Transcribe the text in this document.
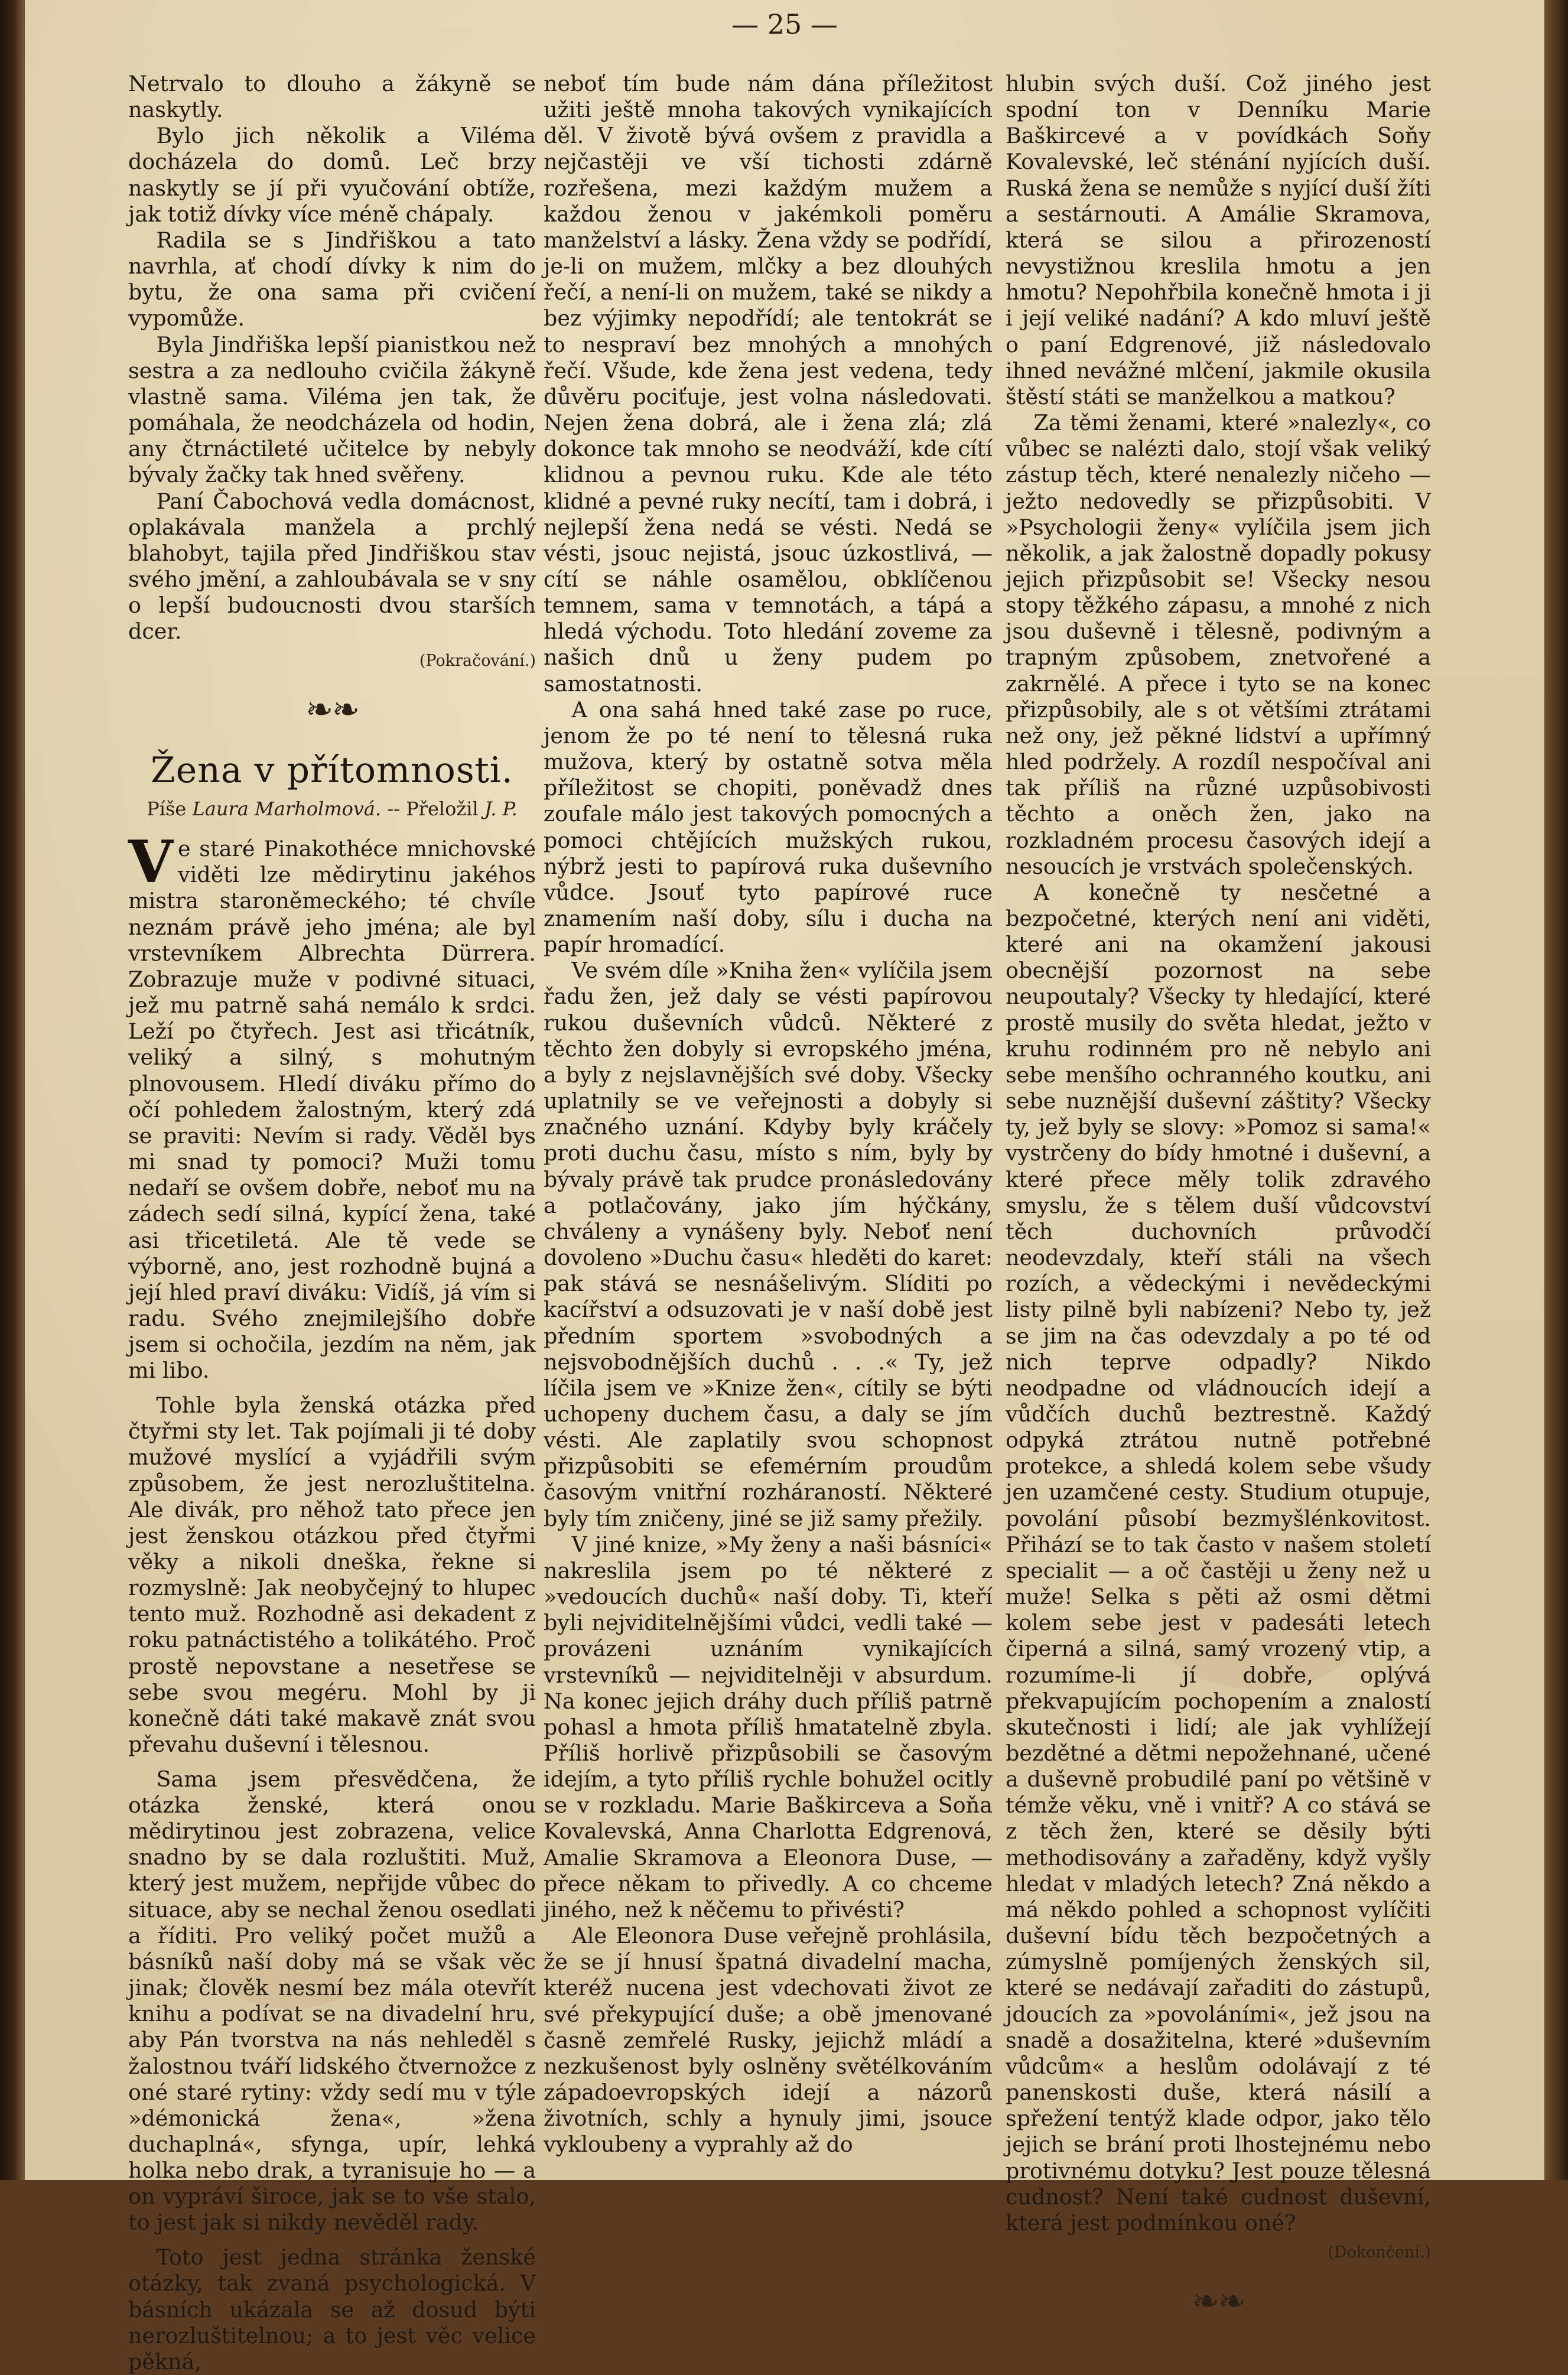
— 25 —

Netrvalo to dlouho a žákyně se naskytly.

Bylo jich několik a Viléma docházela do domů. Leč brzy naskytly se jí při vyučování obtíže, jak totiž dívky více méně chápaly.

Radila se s Jindřiškou a tato navrhla, ať chodí dívky k nim do bytu, že ona sama při cvičení vypomůže.

Byla Jindřiška lepší pianistkou než sestra a za nedlouho cvičila žákyně vlastně sama. Viléma jen tak, že pomáhala, že neodcházela od hodin, any čtrnáctileté učitelce by nebyly bývaly žačky tak hned svěřeny.

Paní Čabochová vedla domácnost, oplakávala manžela a prchlý blahobyt, tajila před Jindřiškou stav svého jmění, a zahloubávala se v sny o lepší budoucnosti dvou starších dcer.

(Pokračování.)
❧❧
Žena v přítomnosti.
Píše Laura Marholmová. -- Přeložil J. P.

Ve staré Pinakothéce mnichovské viděti lze mědirytinu jakéhos mistra staroněmeckého; té chvíle neznám právě jeho jména; ale byl vrstevníkem Albrechta Dürrera. Zobrazuje muže v podivné situaci, jež mu patrně sahá nemálo k srdci. Leží po čtyřech. Jest asi třicátník, veliký a silný, s mohutným plnovousem. Hledí diváku přímo do očí pohledem žalostným, který zdá se praviti: Nevím si rady. Věděl bys mi snad ty pomoci? Muži tomu nedaří se ovšem dobře, neboť mu na zádech sedí silná, kypící žena, také asi třicetiletá. Ale tě vede se výborně, ano, jest rozhodně bujná a její hled praví diváku: Vidíš, já vím si radu. Svého znejmilejšího dobře jsem si ochočila, jezdím na něm, jak mi libo.

Tohle byla ženská otázka před čtyřmi sty let. Tak pojímali ji té doby mužové myslící a vyjádřili svým způsobem, že jest nerozluštitelna. Ale divák, pro něhož tato přece jen jest ženskou otázkou před čtyřmi věky a nikoli dneška, řekne si rozmyslně: Jak neobyčejný to hlupec tento muž. Rozhodně asi dekadent z roku patnáctistého a tolikátého. Proč prostě nepovstane a nesetřese se sebe svou megéru. Mohl by ji konečně dáti také makavě znát svou převahu duševní i tělesnou.

Sama jsem přesvědčena, že otázka ženské, která onou mědirytinou jest zobrazena, velice snadno by se dala rozluštiti. Muž, který jest mužem, nepřijde vůbec do situace, aby se nechal ženou osedlati a říditi. Pro veliký počet mužů a básníků naší doby má se však věc jinak; člověk nesmí bez mála otevřít knihu a podívat se na divadelní hru, aby Pán tvorstva na nás nehleděl s žalostnou tváří lidského čtvernožce z oné staré rytiny: vždy sedí mu v týle »démonická žena«, »žena duchaplná«, sfynga, upír, lehká holka nebo drak, a tyranisuje ho — a on vypráví široce, jak se to vše stalo, to jest jak si nikdy nevěděl rady.

Toto jest jedna stránka ženské otázky, tak zvaná psychologická. V básních ukázala se až dosud býti nerozluštitelnou; a to jest věc velice pěkná,

neboť tím bude nám dána příležitost užiti ještě mnoha takových vynikajících děl. V životě bývá ovšem z pravidla a nejčastěji ve vší tichosti zdárně rozřešena, mezi každým mužem a každou ženou v jakémkoli poměru manželství a lásky. Žena vždy se podřídí, je-li on mužem, mlčky a bez dlouhých řečí, a není-li on mužem, také se nikdy a bez výjimky nepodřídí; ale tentokrát se to nespraví bez mnohých a mnohých řečí. Všude, kde žena jest vedena, tedy důvěru pociťuje, jest volna následovati. Nejen žena dobrá, ale i žena zlá; zlá dokonce tak mnoho se neodváží, kde cítí klidnou a pevnou ruku. Kde ale této klidné a pevné ruky necítí, tam i dobrá, i nejlepší žena nedá se vésti. Nedá se vésti, jsouc nejistá, jsouc úzkostlivá, — cítí se náhle osamělou, obklíčenou temnem, sama v temnotách, a tápá a hledá východu. Toto hledání zoveme za našich dnů u ženy pudem po samostatnosti.

A ona sahá hned také zase po ruce, jenom že po té není to tělesná ruka mužova, který by ostatně sotva měla příležitost se chopiti, poněvadž dnes zoufale málo jest takových pomocných a pomoci chtějících mužských rukou, nýbrž jesti to papírová ruka duševního vůdce. Jsouť tyto papírové ruce znamením naší doby, sílu i ducha na papír hromadící.

Ve svém díle »Kniha žen« vylíčila jsem řadu žen, jež daly se vésti papírovou rukou duševních vůdců. Některé z těchto žen dobyly si evropského jména, a byly z nejslavnějších své doby. Všecky uplatnily se ve veřejnosti a dobyly si značného uznání. Kdyby byly kráčely proti duchu času, místo s ním, byly by bývaly právě tak prudce pronásledovány a potlačovány, jako jím hýčkány, chváleny a vynášeny byly. Neboť není dovoleno »Duchu času« hleděti do karet: pak stává se nesnášelivým. Slíditi po kacířství a odsuzovati je v naší době jest předním sportem »svobodných a nejsvobodnějších duchů . . .« Ty, jež líčila jsem ve »Knize žen«, cítily se býti uchopeny duchem času, a daly se jím vésti. Ale zaplatily svou schopnost přizpůsobiti se efemérním proudům časovým vnitřní rozháraností. Některé byly tím zničeny, jiné se již samy přežily.

V jiné knize, »My ženy a naši básníci« nakreslila jsem po té některé z »vedoucích duchů« naší doby. Ti, kteří byli nejviditelnějšími vůdci, vedli také — provázeni uznáním vynikajících vrstevníků — nejviditelněji v absurdum. Na konec jejich dráhy duch příliš patrně pohasl a hmota příliš hmatatelně zbyla. Příliš horlivě přizpůsobili se časovým idejím, a tyto příliš rychle bohužel ocitly se v rozkladu. Marie Baškirceva a Soňa Kovalevská, Anna Charlotta Edgrenová, Amalie Skramova a Eleonora Duse, — přece někam to přivedly. A co chceme jiného, než k něčemu to přivésti?

Ale Eleonora Duse veřejně prohlásila, že se jí hnusí špatná divadelní macha, kteréž nucena jest vdechovati život ze své překypující duše; a obě jmenované časně zemřelé Rusky, jejichž mládí a nezkušenost byly oslněny světélkováním západoevropských idejí a názorů životních, schly a hynuly jimi, jsouce vykloubeny a vyprahly až do

hlubin svých duší. Což jiného jest spodní ton v Denníku Marie Baškircevé a v povídkách Soňy Kovalevské, leč sténání nyjících duší. Ruská žena se nemůže s nyjící duší žíti a sestárnouti. A Amálie Skramova, která se silou a přirozeností nevystižnou kreslila hmotu a jen hmotu? Nepohřbila konečně hmota i ji i její veliké nadání? A kdo mluví ještě o paní Edgrenové, již následovalo ihned nevážné mlčení, jakmile okusila štěstí státi se manželkou a matkou?

Za těmi ženami, které »nalezly«, co vůbec se nalézti dalo, stojí však veliký zástup těch, které nenalezly ničeho — ježto nedovedly se přizpůsobiti. V »Psychologii ženy« vylíčila jsem jich několik, a jak žalostně dopadly pokusy jejich přizpůsobit se! Všecky nesou stopy těžkého zápasu, a mnohé z nich jsou duševně i tělesně, podivným a trapným způsobem, znetvořené a zakrnělé. A přece i tyto se na konec přizpůsobily, ale s ot většími ztrátami než ony, jež pěkné lidství a upřímný hled podržely. A rozdíl nespočíval ani tak příliš na různé uzpůsobivosti těchto a oněch žen, jako na rozkladném procesu časových idejí a nesoucích je vrstvách společenských.

A konečně ty nesčetné a bezpočetné, kterých není ani viděti, které ani na okamžení jakousi obecnější pozornost na sebe neupoutaly? Všecky ty hledající, které prostě musily do světa hledat, ježto v kruhu rodinném pro ně nebylo ani sebe menšího ochranného koutku, ani sebe nuznější duševní záštity? Všecky ty, jež byly se slovy: »Pomoz si sama!« vystrčeny do bídy hmotné i duševní, a které přece měly tolik zdravého smyslu, že s tělem duší vůdcovství těch duchovních průvodčí neodevzdaly, kteří stáli na všech rozích, a vědeckými i nevědeckými listy pilně byli nabízeni? Nebo ty, jež se jim na čas odevzdaly a po té od nich teprve odpadly? Nikdo neodpadne od vládnoucích idejí a vůdčích duchů beztrestně. Každý odpyká ztrátou nutně potřebné protekce, a shledá kolem sebe všudy jen uzamčené cesty. Studium otupuje, povolání působí bezmyšlénkovitost. Přihází se to tak často v našem století specialit — a oč častěji u ženy než u muže! Selka s pěti až osmi dětmi kolem sebe jest v padesáti letech čiperná a silná, samý vrozený vtip, a rozumíme-li jí dobře, oplývá překvapujícím pochopením a znalostí skutečnosti i lidí; ale jak vyhlížejí bezdětné a dětmi nepožehnané, učené a duševně probudilé paní po většině v témže věku, vně i vnitř? A co stává se z těch žen, které se děsily býti methodisovány a zařaděny, když vyšly hledat v mladých letech? Zná někdo a má někdo pohled a schopnost vylíčiti duševní bídu těch bezpočetných a zúmyslně pomíjených ženských sil, které se nedávají zařaditi do zástupů, jdoucích za »povoláními«, jež jsou na snadě a dosažitelna, které »duševním vůdcům« a heslům odolávají z té panenskosti duše, která násilí a spřežení tentýž klade odpor, jako tělo jejich se brání proti lhostejnému nebo protivnému dotyku? Jest pouze tělesná cudnost? Není také cudnost duševní, která jest podmínkou oné?

(Dokončení.)
❧❧
